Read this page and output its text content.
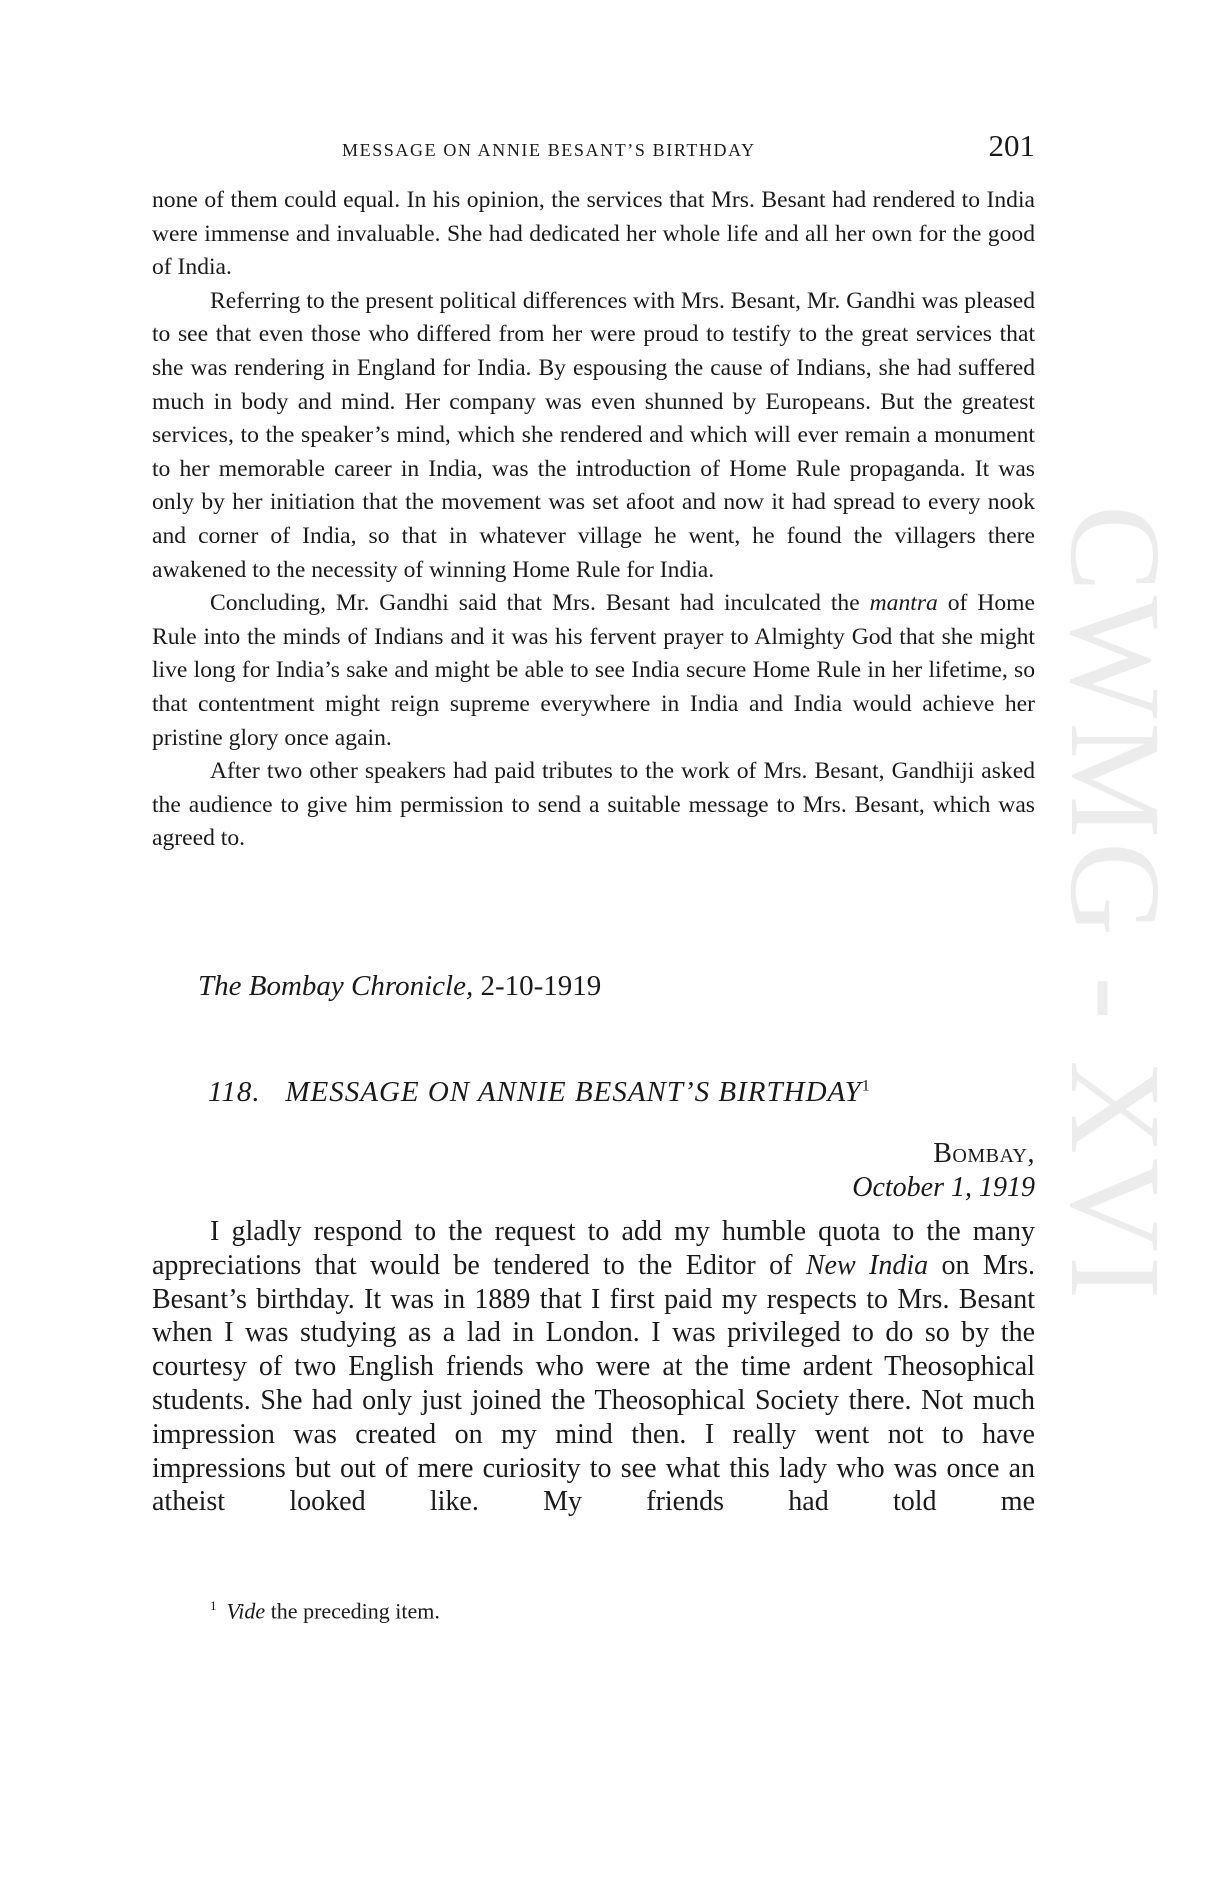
CWMG - XVI
MESSAGE ON ANNIE BESANT’S BIRTHDAY	201

none of them could equal. In his opinion, the services that Mrs. Besant had rendered to India were immense and invaluable. She had dedicated her whole life and all her own for the good of India.

Referring to the present political differences with Mrs. Besant, Mr. Gandhi was pleased to see that even those who differed from her were proud to testify to the great services that she was rendering in England for India. By espousing the cause of Indians, she had suffered much in body and mind. Her company was even shunned by Europeans. But the greatest services, to the speaker’s mind, which she rendered and which will ever remain a monument to her memorable career in India, was the introduction of Home Rule propaganda. It was only by her initiation that the movement was set afoot and now it had spread to every nook and corner of India, so that in whatever village he went, he found the villagers there awakened to the necessity of winning Home Rule for India.

Concluding, Mr. Gandhi said that Mrs. Besant had inculcated the mantra of Home Rule into the minds of Indians and it was his fervent prayer to Almighty God that she might live long for India’s sake and might be able to see India secure Home Rule in her lifetime, so that contentment might reign supreme everywhere in India and India would achieve her pristine glory once again.

After two other speakers had paid tributes to the work of Mrs. Besant, Gandhiji asked the audience to give him permission to send a suitable message to Mrs. Besant, which was agreed to.

The Bombay Chronicle, 2-10-1919
118. MESSAGE ON ANNIE BESANT’S BIRTHDAY$^1$
Bombay,
October 1, 1919

I gladly respond to the request to add my humble quota to the many appreciations that would be tendered to the Editor of New India on Mrs. Besant’s birthday. It was in 1889 that I first paid my respects to Mrs. Besant when I was studying as a lad in London. I was privileged to do so by the courtesy of two English friends who were at the time ardent Theosophical students. She had only just joined the Theosophical Society there. Not much impression was created on my mind then. I really went not to have impressions but out of mere curiosity to see what this lady who was once an atheist looked like. My friends had told me

$^1$ Vide the preceding item.
